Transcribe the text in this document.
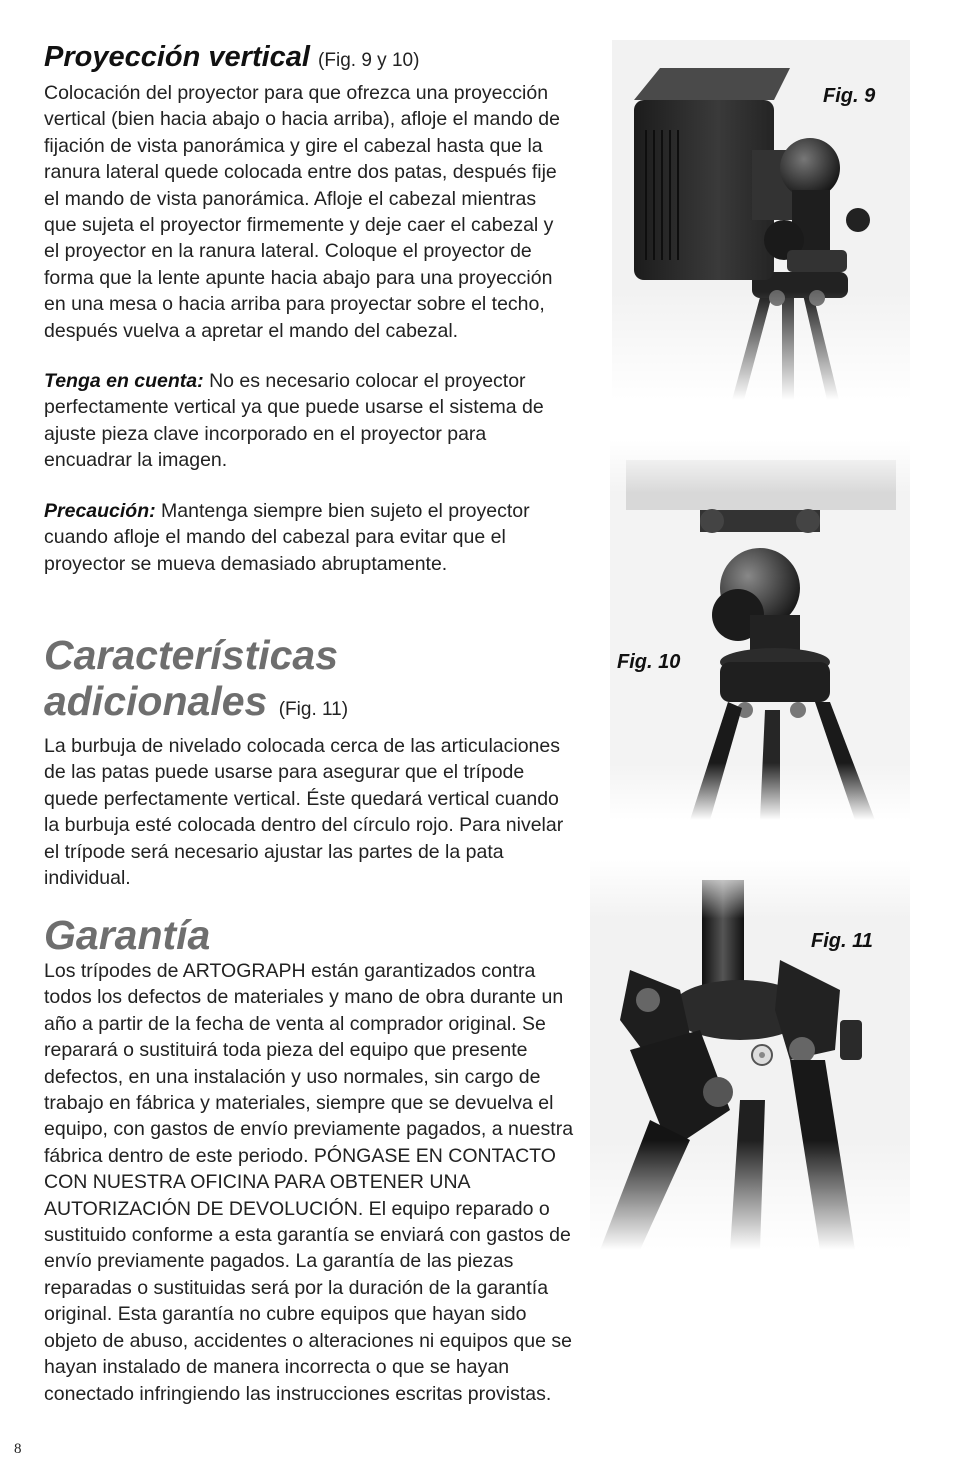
Proyección vertical (Fig. 9 y 10)

Colocación del proyector para que ofrezca una proyección vertical (bien hacia abajo o hacia arriba), afloje el mando de fijación de vista panorámica y gire el cabezal hasta que la ranura lateral quede colocada entre dos patas, después fije el mando de vista panorámica. Afloje el cabezal mientras que sujeta el proyector firmemente y deje caer el cabezal y el proyector en la ranura lateral. Coloque el proyector de forma que la lente apunte hacia abajo para una proyección en una mesa o hacia arriba para proyectar sobre el techo, después vuelva a apretar el mando del cabezal.

Tenga en cuenta: No es necesario colocar el proyector perfectamente vertical ya que puede usarse el sistema de ajuste pieza clave incorporado en el proyector para encuadrar la imagen.

Precaución: Mantenga siempre bien sujeto el proyector cuando afloje el mando del cabezal para evitar que el proyector se mueva demasiado abruptamente.

Características
adicionales (Fig. 11)

La burbuja de nivelado colocada cerca de las articulaciones de las patas puede usarse para asegurar que el trípode quede perfectamente vertical. Éste quedará vertical cuando la burbuja esté colocada dentro del círculo rojo. Para nivelar el trípode será necesario ajustar las partes de la pata individual.

Garantía

Los trípodes de ARTOGRAPH están garantizados contra todos los defectos de materiales y mano de obra durante un año a partir de la fecha de venta al comprador original. Se reparará o sustituirá toda pieza del equipo que presente defectos, en una instalación y uso normales, sin cargo de trabajo en fábrica y materiales, siempre que se devuelva el equipo, con gastos de envío previamente pagados, a nuestra fábrica dentro de este periodo. PÓNGASE EN CONTACTO CON NUESTRA OFICINA PARA OBTENER UNA AUTORIZACIÓN DE DEVOLUCIÓN. El equipo reparado o sustituido conforme a esta garantía se enviará con gastos de envío previamente pagados. La garantía de las piezas reparadas o sustituidas será por la duración de la garantía original. Esta garantía no cubre equipos que hayan sido objeto de abuso, accidentes o alteraciones ni equipos que se hayan instalado de manera incorrecta o que se hayan conectado infringiendo las instrucciones escritas provistas.

Fig. 9
Fig. 10
Fig. 11
8
